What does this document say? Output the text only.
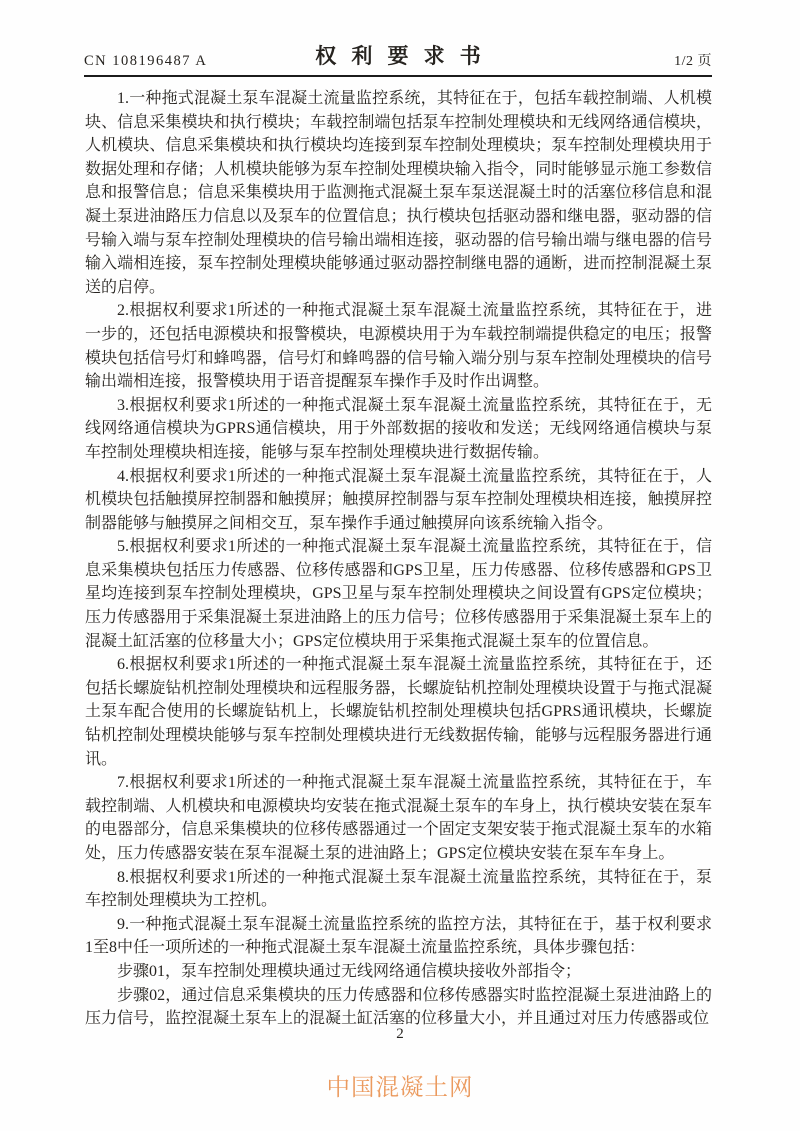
CN 108196487 A	权利要求书	1/2 页

1.一种拖式混凝土泵车混凝土流量监控系统，其特征在于，包括车载控制端、人机模块、信息采集模块和执行模块；车载控制端包括泵车控制处理模块和无线网络通信模块，人机模块、信息采集模块和执行模块均连接到泵车控制处理模块；泵车控制处理模块用于数据处理和存储；人机模块能够为泵车控制处理模块输入指令，同时能够显示施工参数信息和报警信息；信息采集模块用于监测拖式混凝土泵车泵送混凝土时的活塞位移信息和混凝土泵进油路压力信息以及泵车的位置信息；执行模块包括驱动器和继电器，驱动器的信号输入端与泵车控制处理模块的信号输出端相连接，驱动器的信号输出端与继电器的信号输入端相连接，泵车控制处理模块能够通过驱动器控制继电器的通断，进而控制混凝土泵送的启停。

2.根据权利要求1所述的一种拖式混凝土泵车混凝土流量监控系统，其特征在于，进一步的，还包括电源模块和报警模块，电源模块用于为车载控制端提供稳定的电压；报警模块包括信号灯和蜂鸣器，信号灯和蜂鸣器的信号输入端分别与泵车控制处理模块的信号输出端相连接，报警模块用于语音提醒泵车操作手及时作出调整。

3.根据权利要求1所述的一种拖式混凝土泵车混凝土流量监控系统，其特征在于，无线网络通信模块为GPRS通信模块，用于外部数据的接收和发送；无线网络通信模块与泵车控制处理模块相连接，能够与泵车控制处理模块进行数据传输。

4.根据权利要求1所述的一种拖式混凝土泵车混凝土流量监控系统，其特征在于，人机模块包括触摸屏控制器和触摸屏；触摸屏控制器与泵车控制处理模块相连接，触摸屏控制器能够与触摸屏之间相交互，泵车操作手通过触摸屏向该系统输入指令。

5.根据权利要求1所述的一种拖式混凝土泵车混凝土流量监控系统，其特征在于，信息采集模块包括压力传感器、位移传感器和GPS卫星，压力传感器、位移传感器和GPS卫星均连接到泵车控制处理模块，GPS卫星与泵车控制处理模块之间设置有GPS定位模块；压力传感器用于采集混凝土泵进油路上的压力信号；位移传感器用于采集混凝土泵车上的混凝土缸活塞的位移量大小；GPS定位模块用于采集拖式混凝土泵车的位置信息。

6.根据权利要求1所述的一种拖式混凝土泵车混凝土流量监控系统，其特征在于，还包括长螺旋钻机控制处理模块和远程服务器，长螺旋钻机控制处理模块设置于与拖式混凝土泵车配合使用的长螺旋钻机上，长螺旋钻机控制处理模块包括GPRS通讯模块，长螺旋钻机控制处理模块能够与泵车控制处理模块进行无线数据传输，能够与远程服务器进行通讯。

7.根据权利要求1所述的一种拖式混凝土泵车混凝土流量监控系统，其特征在于，车载控制端、人机模块和电源模块均安装在拖式混凝土泵车的车身上，执行模块安装在泵车的电器部分，信息采集模块的位移传感器通过一个固定支架安装于拖式混凝土泵车的水箱处，压力传感器安装在泵车混凝土泵的进油路上；GPS定位模块安装在泵车车身上。

8.根据权利要求1所述的一种拖式混凝土泵车混凝土流量监控系统，其特征在于，泵车控制处理模块为工控机。

9.一种拖式混凝土泵车混凝土流量监控系统的监控方法，其特征在于，基于权利要求1至8中任一项所述的一种拖式混凝土泵车混凝土流量监控系统，具体步骤包括：

步骤01，泵车控制处理模块通过无线网络通信模块接收外部指令；

步骤02，通过信息采集模块的压力传感器和位移传感器实时监控混凝土泵进油路上的压力信号，监控混凝土泵车上的混凝土缸活塞的位移量大小，并且通过对压力传感器或位

2
中国混凝土网
